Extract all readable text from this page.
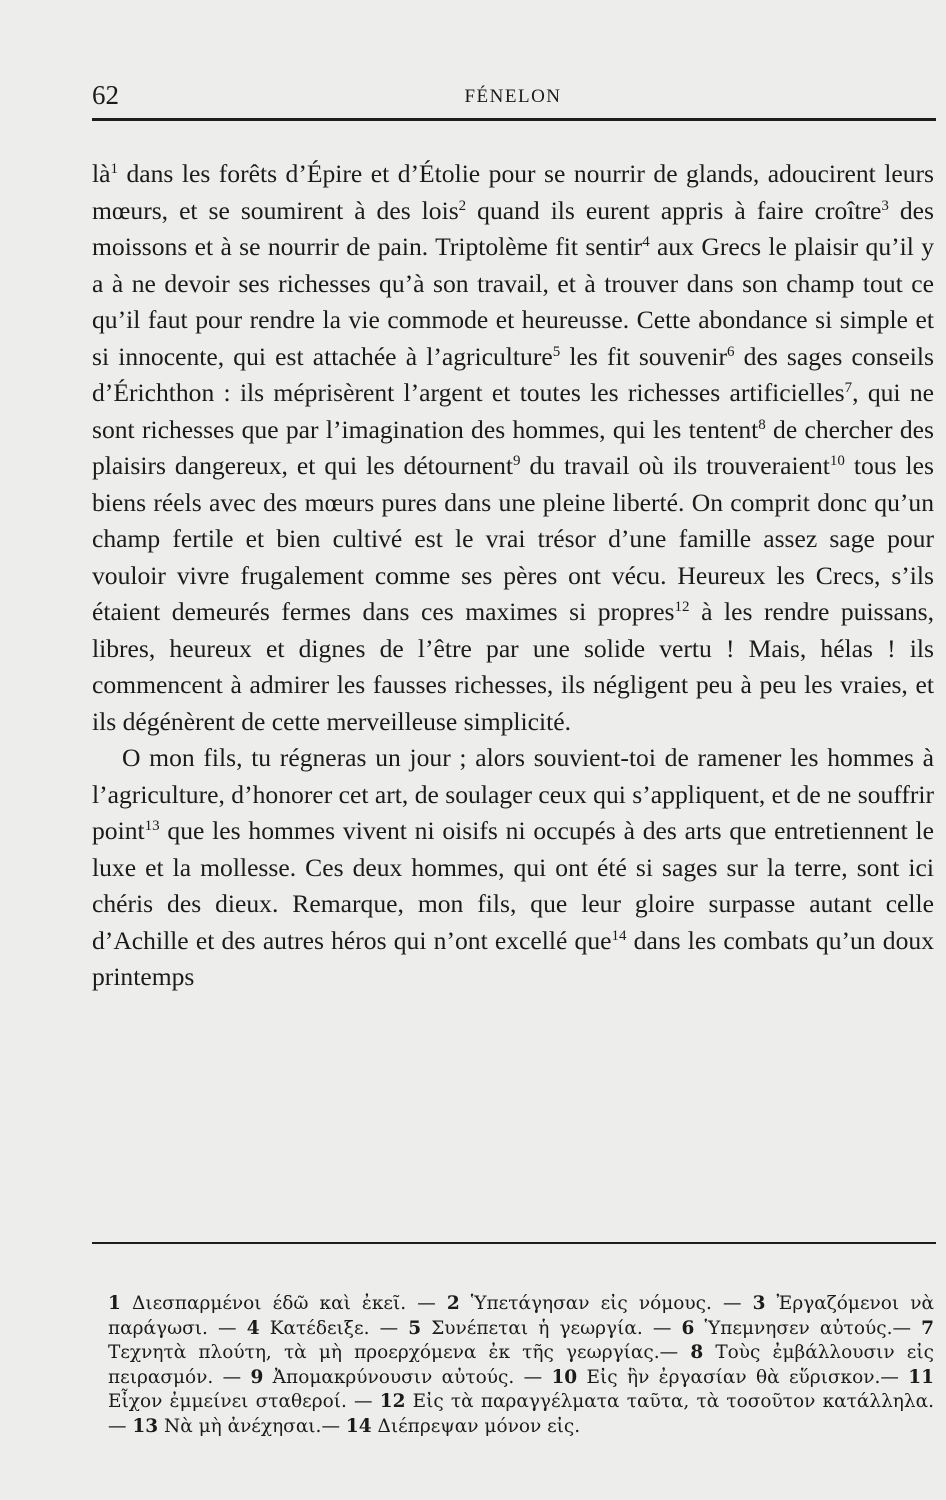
62	FÉNELON

$là^1$ dans les forêts d’Épire et d’Étolie pour se nourrir de glands, adoucirent leurs mœurs, et se soumirent à des lois$^2$ quand ils eurent appris à faire croître$^3$ des moissons et à se nourrir de pain. Triptolème fit sentir$^4$ aux Grecs le plaisir qu’il y a à ne devoir ses richesses qu’à son travail, et à trouver dans son champ tout ce qu’il faut pour rendre la vie commode et heureusse. Cette abondance si simple et si innocente, qui est attachée à l’agriculture$^5$ les fit souvenir$^6$ des sages conseils d’Érichthon : ils méprisèrent l’argent et toutes les richesses artificielles$^7$, qui ne sont richesses que par l’imagination des hommes, qui les tentent$^8$ de chercher des plaisirs dangereux, et qui les détournent$^9$ du travail où ils trouveraient$^{10}$ tous les biens réels avec des mœurs pures dans une pleine liberté. On comprit donc qu’un champ fertile et bien cultivé est le vrai trésor d’une famille assez sage pour vouloir vivre frugalement comme ses pères ont vécu. Heureux les Crecs, s’ils étaient demeurés fermes dans ces maximes si propres$^{12}$ à les rendre puissans, libres, heureux et dignes de l’être par une solide vertu ! Mais, hélas ! ils commencent à admirer les fausses richesses, ils négligent peu à peu les vraies, et ils dégénèrent de cette merveilleuse simplicité.

O mon fils, tu régneras un jour ; alors souvient-toi de ramener les hommes à l’agriculture, d’honorer cet art, de soulager ceux qui s’appliquent, et de ne souffrir point$^{13}$ que les hommes vivent ni oisifs ni occupés à des arts que entretiennent le luxe et la mollesse. Ces deux hommes, qui ont été si sages sur la terre, sont ici chéris des dieux. Remarque, mon fils, que leur gloire surpasse autant celle d’Achille et des autres héros qui n’ont excellé que$^{14}$ dans les combats qu’un doux printemps

1 Διεσπαρμένοι έδῶ καὶ ἐκεῖ. — 2 Ὑπετάγησαν εἰς νόμους. — 3 Ἐργαζόμενοι νὰ παράγωσι. — 4 Κατέδειξε. — 5 Συνέπεται ἡ γεωργία. — 6 Ὑπεμνησεν αὐτούς.— 7 Τεχνητὰ πλούτη, τὰ μὴ προερχόμενα ἐκ τῆς γεωργίας.— 8 Τοὺς ἐμβάλλουσιν εἰς πειρασμόν. — 9 Ἀπομακρύνουσιν αὐτούς. — 10 Εἰς ἣν ἐργασίαν θὰ εὕρισκον.— 11 Εἶχον ἐμμείνει σταθεροί. — 12 Εἰς τὰ παραγγέλματα ταῦτα, τὰ τοσοῦτον κατάλληλα.— 13 Νὰ μὴ ἀνέχησαι.— 14 Διέπρεψαν μόνον εἰς.
